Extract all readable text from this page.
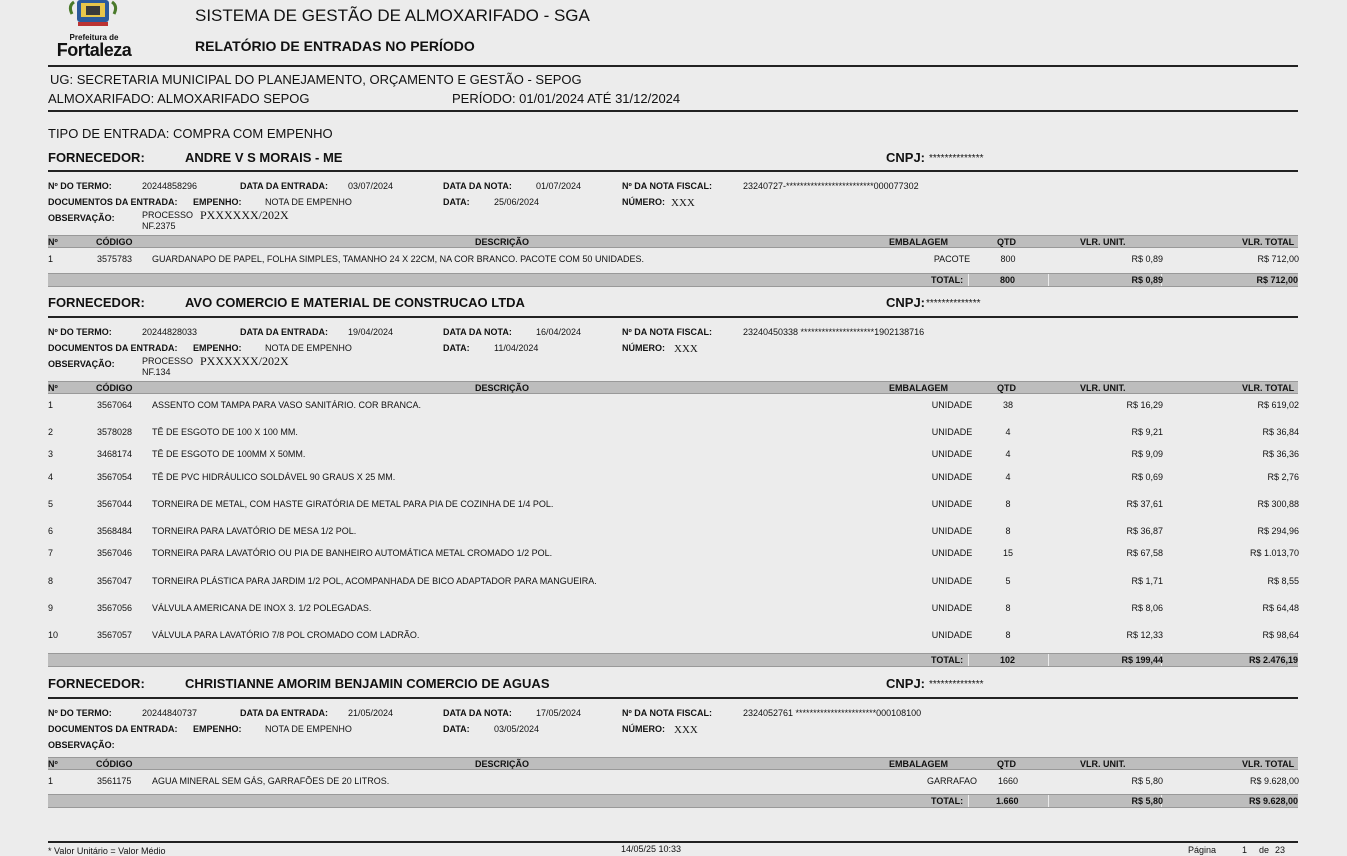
Prefeitura de
Fortaleza
SISTEMA DE GESTÃO DE ALMOXARIFADO - SGA
RELATÓRIO DE ENTRADAS NO PERÍODO
UG: SECRETARIA MUNICIPAL DO PLANEJAMENTO, ORÇAMENTO E GESTÃO - SEPOG
ALMOXARIFADO: ALMOXARIFADO SEPOG	PERÍODO: 01/01/2024 ATÉ 31/12/2024
TIPO DE ENTRADA: COMPRA COM EMPENHO
FORNECEDOR:	ANDRE V S MORAIS - ME	CNPJ: **************
Nº DO TERMO:	20244858296	DATA DA ENTRADA: 03/07/2024	DATA DA NOTA:	01/07/2024	Nº DA NOTA FISCAL:	23240727-*************************000077302
DOCUMENTOS DA ENTRADA: EMPENHO:	NOTA DE EMPENHO	DATA:	25/06/2024	NÚMERO: XXX
OBSERVAÇÃO:	PROCESSO PXXXXXX/202X
NF.2375
Nº	CÓDIGO	DESCRIÇÃO	EMBALAGEM	QTD	VLR. UNIT.	VLR. TOTAL
1	3575783 GUARDANAPO DE PAPEL, FOLHA SIMPLES, TAMANHO 24 X 22CM, NA COR BRANCO. PACOTE COM 50 UNIDADES.	PACOTE	800	R$ 0,89	R$ 712,00
TOTAL:	800	R$ 0,89	R$ 712,00
FORNECEDOR:	AVO COMERCIO E MATERIAL DE CONSTRUCAO LTDA	CNPJ: **************
Nº DO TERMO:	20244828033	DATA DA ENTRADA: 19/04/2024	DATA DA NOTA:	16/04/2024	Nº DA NOTA FISCAL:	23240450338 *********************1902138716
DOCUMENTOS DA ENTRADA: EMPENHO:	NOTA DE EMPENHO	DATA:	11/04/2024	NÚMERO: XXX
OBSERVAÇÃO:	PROCESSO PXXXXXX/202X
NF.134
Nº	CÓDIGO	DESCRIÇÃO	EMBALAGEM	QTD	VLR. UNIT.	VLR. TOTAL
1	3567064 ASSENTO COM TAMPA PARA VASO SANITÁRIO. COR BRANCA.	UNIDADE	38	R$ 16,29	R$ 619,02
2	3578028 TÊ DE ESGOTO DE 100 X 100 MM.	UNIDADE	4	R$ 9,21	R$ 36,84
3	3468174 TÊ DE ESGOTO DE 100MM X 50MM.	UNIDADE	4	R$ 9,09	R$ 36,36
4	3567054 TÊ DE PVC HIDRÁULICO SOLDÁVEL 90 GRAUS X 25 MM.	UNIDADE	4	R$ 0,69	R$ 2,76
5	3567044 TORNEIRA DE METAL, COM HASTE GIRATÓRIA DE METAL PARA PIA DE COZINHA DE 1/4 POL.	UNIDADE	8	R$ 37,61	R$ 300,88
6	3568484 TORNEIRA PARA LAVATÓRIO DE MESA 1/2 POL.	UNIDADE	8	R$ 36,87	R$ 294,96
7	3567046 TORNEIRA PARA LAVATÓRIO OU PIA DE BANHEIRO AUTOMÁTICA METAL CROMADO 1/2 POL.	UNIDADE	15	R$ 67,58	R$ 1.013,70
8	3567047 TORNEIRA PLÁSTICA PARA JARDIM 1/2 POL, ACOMPANHADA DE BICO ADAPTADOR PARA MANGUEIRA.	UNIDADE	5	R$ 1,71	R$ 8,55
9	3567056 VÁLVULA AMERICANA DE INOX 3. 1/2 POLEGADAS.	UNIDADE	8	R$ 8,06	R$ 64,48
10	3567057 VÁLVULA PARA LAVATÓRIO 7/8 POL CROMADO COM LADRÃO.	UNIDADE	8	R$ 12,33	R$ 98,64
TOTAL:	102	R$ 199,44	R$ 2.476,19
FORNECEDOR:	CHRISTIANNE AMORIM BENJAMIN COMERCIO DE AGUAS	CNPJ: **************
Nº DO TERMO:	20244840737	DATA DA ENTRADA: 21/05/2024	DATA DA NOTA:	17/05/2024	Nº DA NOTA FISCAL:	2324052761 ***********************000108100
DOCUMENTOS DA ENTRADA: EMPENHO:	NOTA DE EMPENHO	DATA:	03/05/2024	NÚMERO: XXX
OBSERVAÇÃO:
Nº	CÓDIGO	DESCRIÇÃO	EMBALAGEM	QTD	VLR. UNIT.	VLR. TOTAL
1	3561175 AGUA MINERAL SEM GÁS, GARRAFÕES DE 20 LITROS.	GARRAFAO	1660	R$ 5,80	R$ 9.628,00
TOTAL:	1.660	R$ 5,80	R$ 9.628,00
* Valor Unitário = Valor Médio	14/05/25 10:33	Página	1 de 23
